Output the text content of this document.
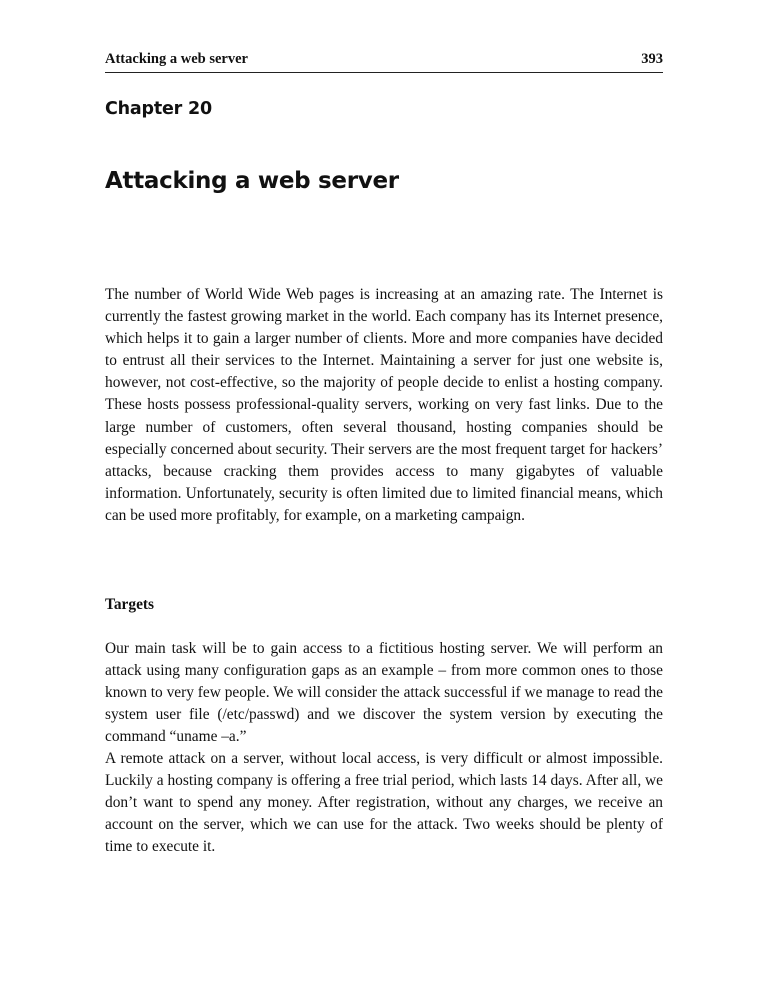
Attacking a web server	393
Chapter 20
Attacking a web server

The number of World Wide Web pages is increasing at an amazing rate. The Internet is currently the fastest growing market in the world. Each company has its Internet presence, which helps it to gain a larger number of clients. More and more companies have decided to entrust all their services to the Internet. Maintaining a server for just one website is, however, not cost-effective, so the majority of people decide to enlist a hosting company. These hosts possess professional-quality servers, working on very fast links. Due to the large number of customers, often several thousand, hosting companies should be especially concerned about security. Their servers are the most frequent target for hackers’ attacks, because cracking them provides access to many gigabytes of valuable information. Unfortunately, security is often limited due to limited financial means, which can be used more profitably, for example, on a marketing campaign.

Targets

Our main task will be to gain access to a fictitious hosting server. We will perform an attack using many configuration gaps as an example – from more common ones to those known to very few people. We will consider the attack successful if we manage to read the system user file (/etc/passwd) and we discover the system version by executing the command “uname –a.”

A remote attack on a server, without local access, is very difficult or almost impossible. Luckily a hosting company is offering a free trial period, which lasts 14 days. After all, we don’t want to spend any money. After registration, without any charges, we receive an account on the server, which we can use for the attack. Two weeks should be plenty of time to execute it.
